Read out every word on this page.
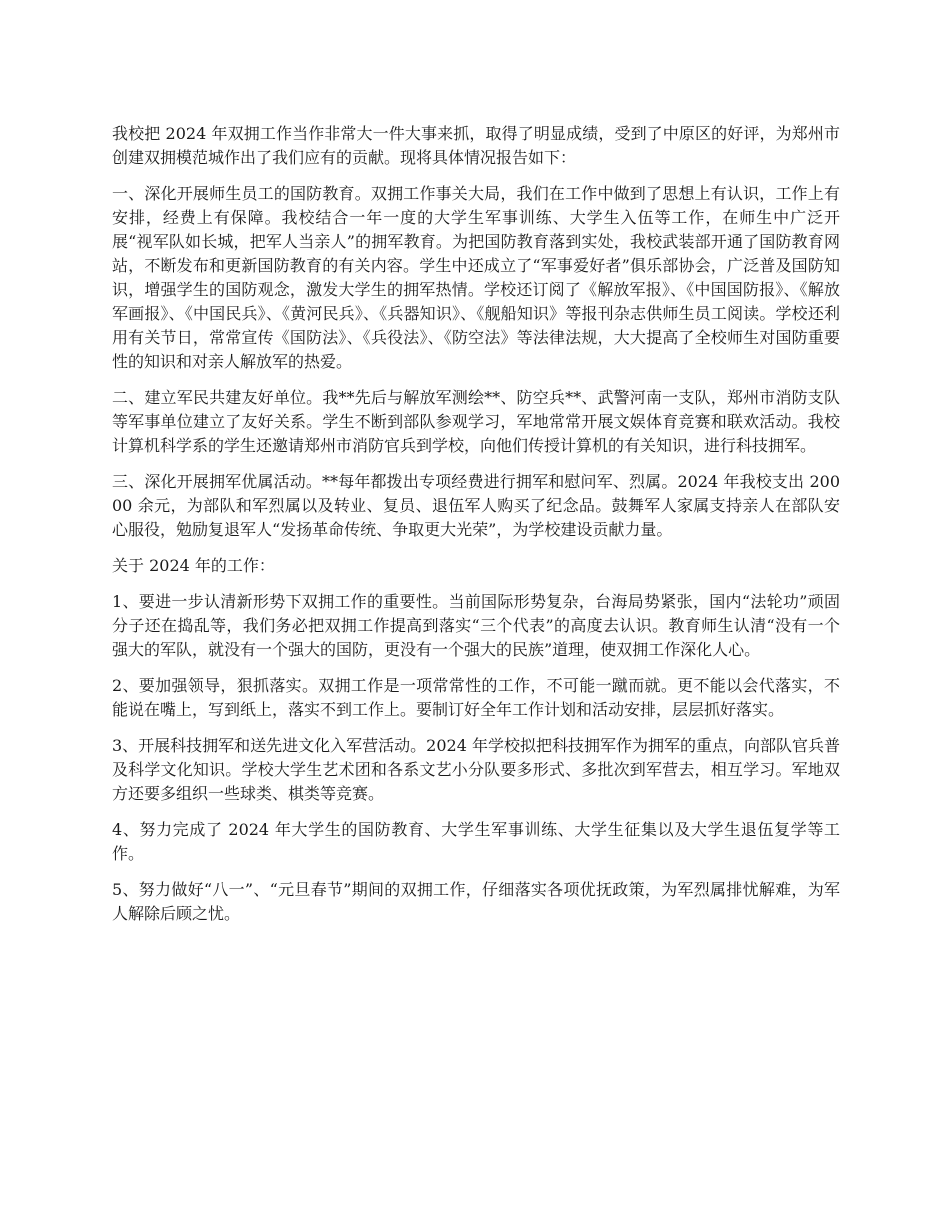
我校把 2024 年双拥工作当作非常大一件大事来抓，取得了明显成绩，受到了中原区的好评，为郑州市创建双拥模范城作出了我们应有的贡献。现将具体情况报告如下：

一、深化开展师生员工的国防教育。双拥工作事关大局，我们在工作中做到了思想上有认识，工作上有安排，经费上有保障。我校结合一年一度的大学生军事训练、大学生入伍等工作，在师生中广泛开展“视军队如长城，把军人当亲人”的拥军教育。为把国防教育落到实处，我校武装部开通了国防教育网站，不断发布和更新国防教育的有关内容。学生中还成立了“军事爱好者”俱乐部协会，广泛普及国防知识，增强学生的国防观念，激发大学生的拥军热情。学校还订阅了《解放军报》、《中国国防报》、《解放军画报》、《中国民兵》、《黄河民兵》、《兵器知识》、《舰船知识》等报刊杂志供师生员工阅读。学校还利用有关节日，常常宣传《国防法》、《兵役法》、《防空法》等法律法规，大大提高了全校师生对国防重要性的知识和对亲人解放军的热爱。

二、建立军民共建友好单位。我**先后与解放军测绘**、防空兵**、武警河南一支队，郑州市消防支队等军事单位建立了友好关系。学生不断到部队参观学习，军地常常开展文娱体育竞赛和联欢活动。我校计算机科学系的学生还邀请郑州市消防官兵到学校，向他们传授计算机的有关知识，进行科技拥军。

三、深化开展拥军优属活动。**每年都拨出专项经费进行拥军和慰问军、烈属。2024 年我校支出 20000 余元，为部队和军烈属以及转业、复员、退伍军人购买了纪念品。鼓舞军人家属支持亲人在部队安心服役，勉励复退军人“发扬革命传统、争取更大光荣”，为学校建设贡献力量。

关于 2024 年的工作：

1、要进一步认清新形势下双拥工作的重要性。当前国际形势复杂，台海局势紧张，国内“法轮功”顽固分子还在捣乱等，我们务必把双拥工作提高到落实“三个代表”的高度去认识。教育师生认清“没有一个强大的军队，就没有一个强大的国防，更没有一个强大的民族”道理，使双拥工作深化人心。

2、要加强领导，狠抓落实。双拥工作是一项常常性的工作，不可能一蹴而就。更不能以会代落实，不能说在嘴上，写到纸上，落实不到工作上。要制订好全年工作计划和活动安排，层层抓好落实。

3、开展科技拥军和送先进文化入军营活动。2024 年学校拟把科技拥军作为拥军的重点，向部队官兵普及科学文化知识。学校大学生艺术团和各系文艺小分队要多形式、多批次到军营去，相互学习。军地双方还要多组织一些球类、棋类等竞赛。

4、努力完成了 2024 年大学生的国防教育、大学生军事训练、大学生征集以及大学生退伍复学等工作。

5、努力做好“八一”、“元旦春节”期间的双拥工作，仔细落实各项优抚政策，为军烈属排忧解难，为军人解除后顾之忧。
